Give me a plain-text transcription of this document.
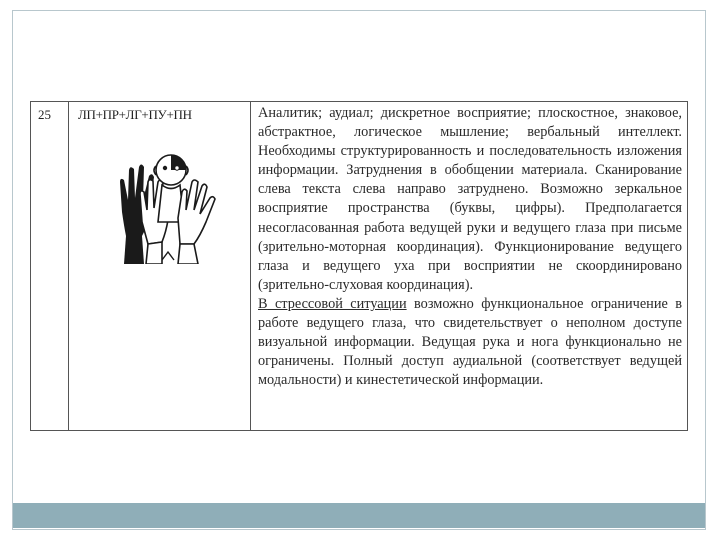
25 ЛП+ПР+ЛГ+ПУ+ПН	Аналитик; аудиал; дискретное восприятие; плоскостное, знаковое, абстрактное, логическое мышление; вербальный интеллект. Необходимы структурированность и последовательность изложения информации. Затруднения в обобщении материала. Сканирование слева текста слева направо затруднено. Возможно зеркальное восприятие пространства (буквы, цифры). Предполагается несогласованная работа ведущей руки и ведущего глаза при письме (зрительно-моторная координация). Функционирование ведущего глаза и ведущего уха при восприятии не скоординировано (зрительно-слуховая координация).

В стрессовой ситуации возможно функциональное ограничение в работе ведущего глаза, что свидетельствует о неполном доступе визуальной информации. Ведущая рука и нога функционально не ограничены. Полный доступ аудиальной (соответствует ведущей модальности) и кинестетической информации.
